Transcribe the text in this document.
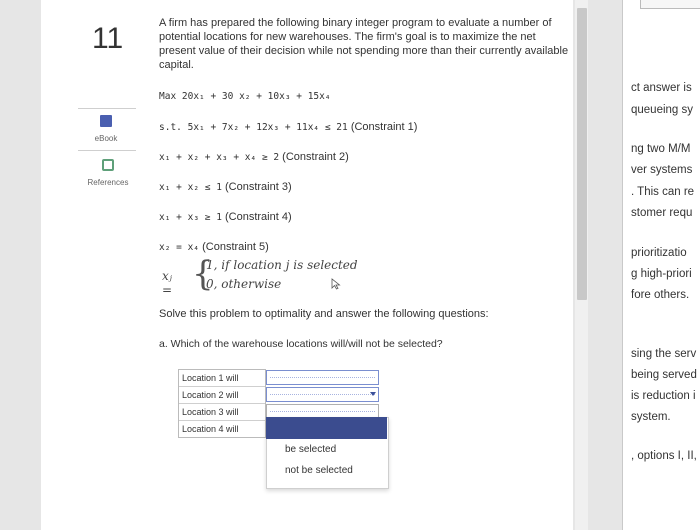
11
eBook
References
A firm has prepared the following binary integer program to evaluate a number of potential locations for new warehouses. The firm's goal is to maximize the net present value of their decision while not spending more than their currently available capital.
Max 20x₁ + 30 x₂ + 10x₃ + 15x₄
s.t. 5x₁ + 7x₂ + 12x₃ + 11x₄ ≤ 21 (Constraint 1)
x₁ + x₂ + x₃ + x₄ ≥ 2 (Constraint 2)
x₁ + x₂ ≤ 1 (Constraint 3)
x₁ + x₃ ≥ 1 (Constraint 4)
x₂ = x₄ (Constraint 5)
xⱼ = {
1, if location j is selected
0, otherwise
Solve this problem to optimality and answer the following questions:
a. Which of the warehouse locations will/will not be selected?
Location 1 will
Location 2 will
Location 3 will
Location 4 will
be selected
not be selected
ct answer is
queueing sy
ng two M/M
ver systems
. This can re
stomer requ
prioritizatio
g high-priori
fore others.
sing the serv
being served
is reduction i
system.
, options I, II,
